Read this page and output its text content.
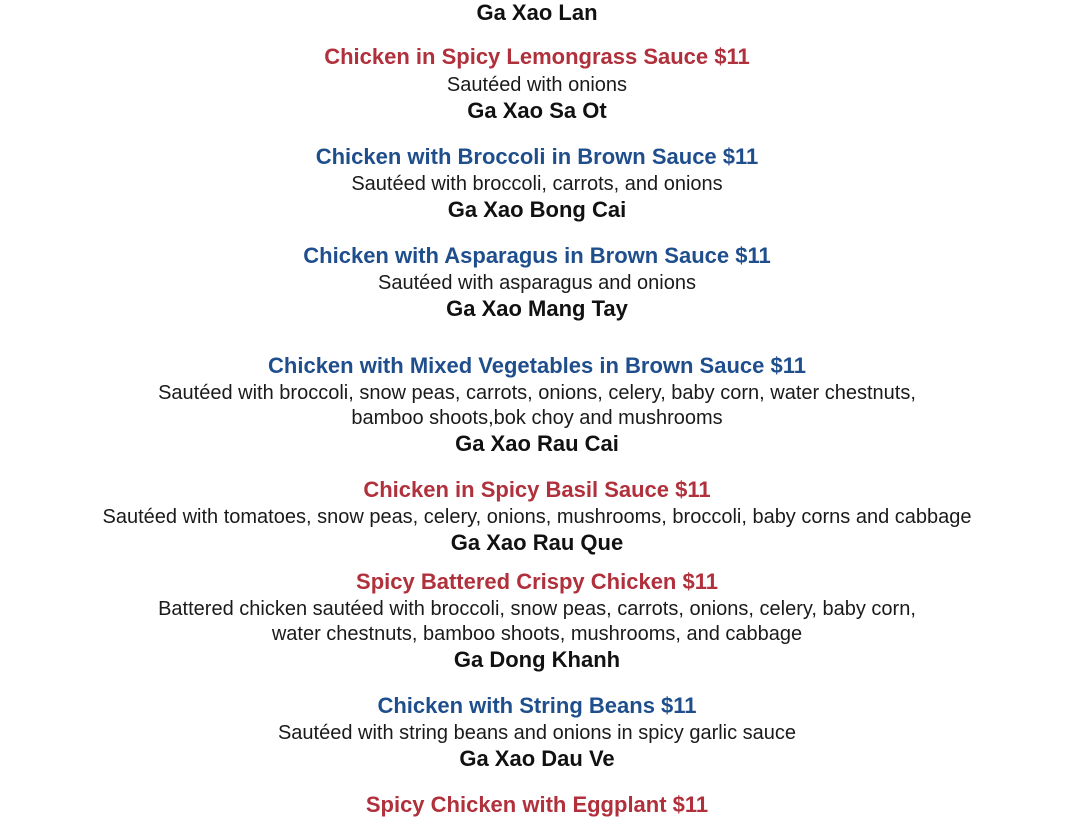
Ga Xao Lan
Chicken in Spicy Lemongrass Sauce $11
Sautéed with onions
Ga Xao Sa Ot
Chicken with Broccoli in Brown Sauce $11
Sautéed with broccoli, carrots, and onions
Ga Xao Bong Cai
Chicken with Asparagus in Brown Sauce $11
Sautéed with asparagus and onions
Ga Xao Mang Tay
Chicken with Mixed Vegetables in Brown Sauce $11
Sautéed with broccoli, snow peas, carrots, onions, celery, baby corn, water chestnuts,
bamboo shoots,bok choy and mushrooms
Ga Xao Rau Cai
Chicken in Spicy Basil Sauce $11
Sautéed with tomatoes, snow peas, celery, onions, mushrooms, broccoli, baby corns and cabbage
Ga Xao Rau Que
Spicy Battered Crispy Chicken $11
Battered chicken sautéed with broccoli, snow peas, carrots, onions, celery, baby corn,
water chestnuts, bamboo shoots, mushrooms, and cabbage
Ga Dong Khanh
Chicken with String Beans $11
Sautéed with string beans and onions in spicy garlic sauce
Ga Xao Dau Ve
Spicy Chicken with Eggplant $11
